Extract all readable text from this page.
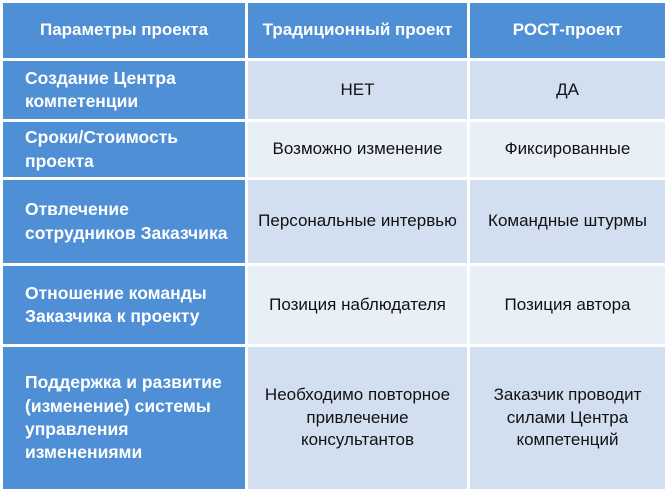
Параметры проекта	Традиционный проект	РОСТ-проект
Создание Центра компетенции	НЕТ	ДА
Сроки/Стоимость проекта	Возможно изменение	Фиксированные
Отвлечение сотрудников Заказчика	Персональные интервью	Командные штурмы
Отношение команды Заказчика к проекту	Позиция наблюдателя	Позиция автора
Поддержка и развитие (изменение) системы управления изменениями	Необходимо повторное привлечение консультантов	Заказчик проводит силами Центра компетенций
